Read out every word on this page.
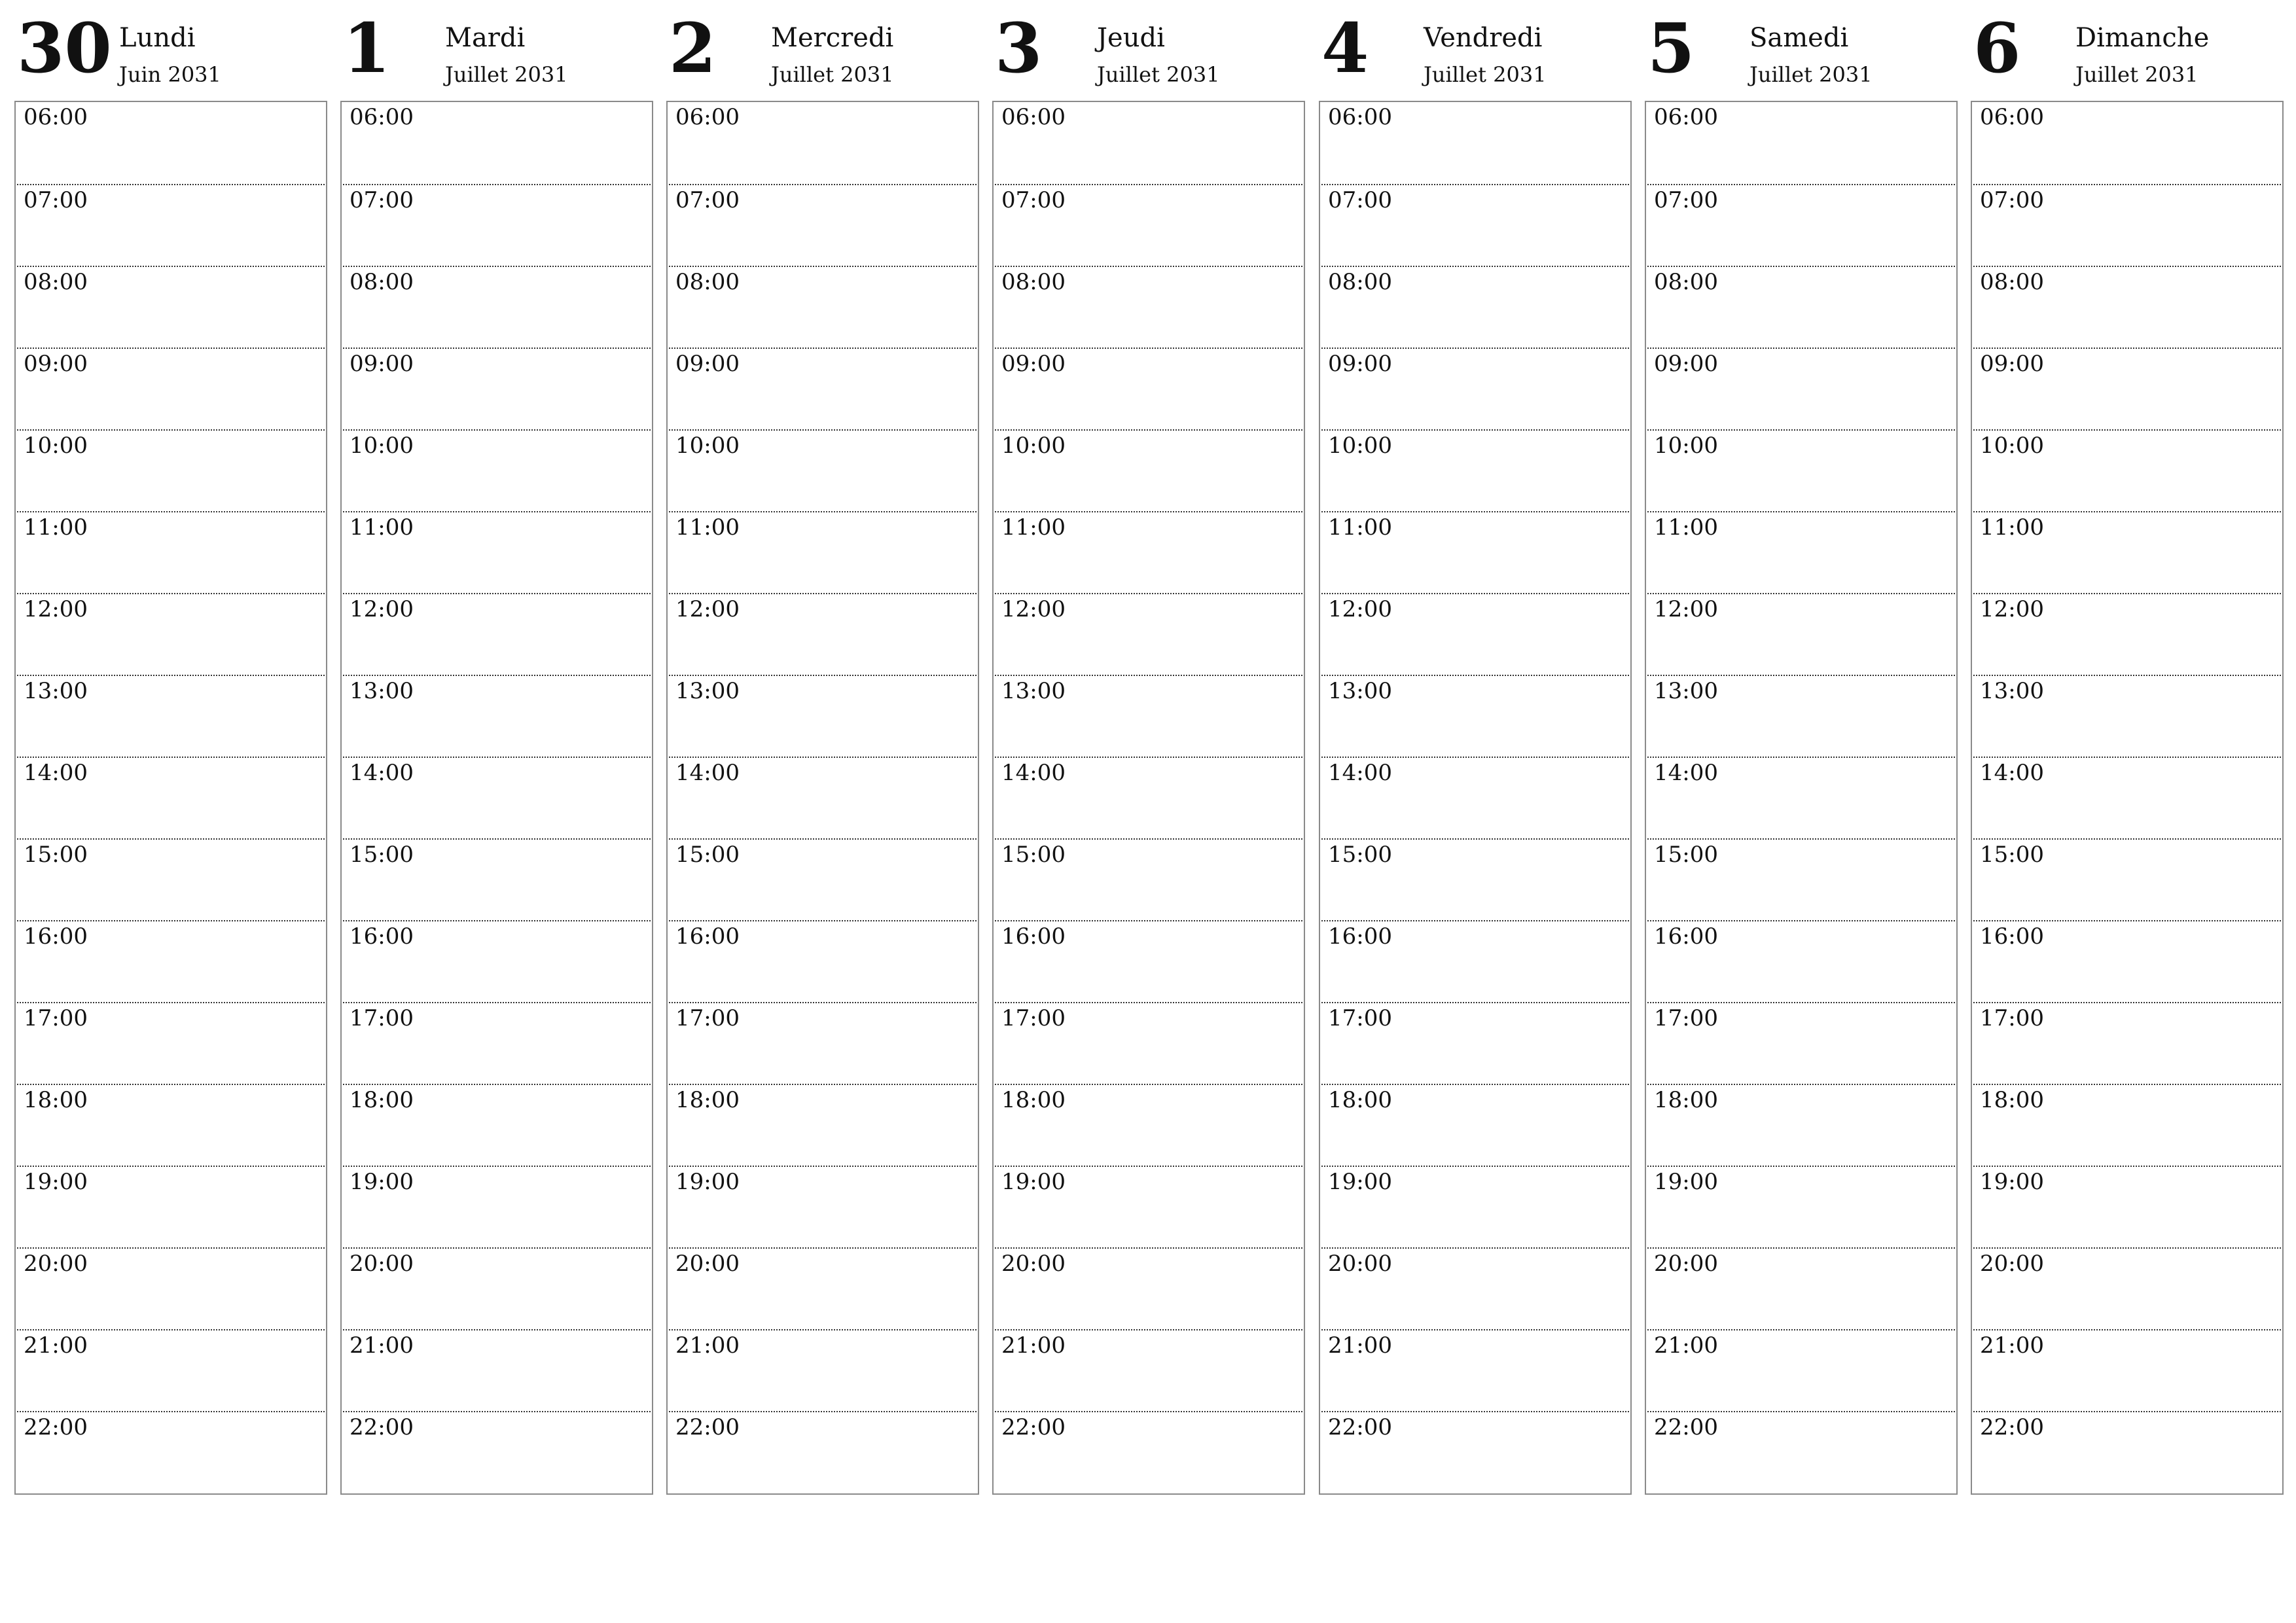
30 Lundi
Juin 2031
06:00
07:00
08:00
09:00
10:00
11:00
12:00
13:00
14:00
15:00
16:00
17:00
18:00
19:00
20:00
21:00
22:00
1 Mardi
Juillet 2031
06:00
07:00
08:00
09:00
10:00
11:00
12:00
13:00
14:00
15:00
16:00
17:00
18:00
19:00
20:00
21:00
22:00
2 Mercredi
Juillet 2031
06:00
07:00
08:00
09:00
10:00
11:00
12:00
13:00
14:00
15:00
16:00
17:00
18:00
19:00
20:00
21:00
22:00
3 Jeudi
Juillet 2031
06:00
07:00
08:00
09:00
10:00
11:00
12:00
13:00
14:00
15:00
16:00
17:00
18:00
19:00
20:00
21:00
22:00
4 Vendredi
Juillet 2031
06:00
07:00
08:00
09:00
10:00
11:00
12:00
13:00
14:00
15:00
16:00
17:00
18:00
19:00
20:00
21:00
22:00
5 Samedi
Juillet 2031
06:00
07:00
08:00
09:00
10:00
11:00
12:00
13:00
14:00
15:00
16:00
17:00
18:00
19:00
20:00
21:00
22:00
6 Dimanche
Juillet 2031
06:00
07:00
08:00
09:00
10:00
11:00
12:00
13:00
14:00
15:00
16:00
17:00
18:00
19:00
20:00
21:00
22:00
